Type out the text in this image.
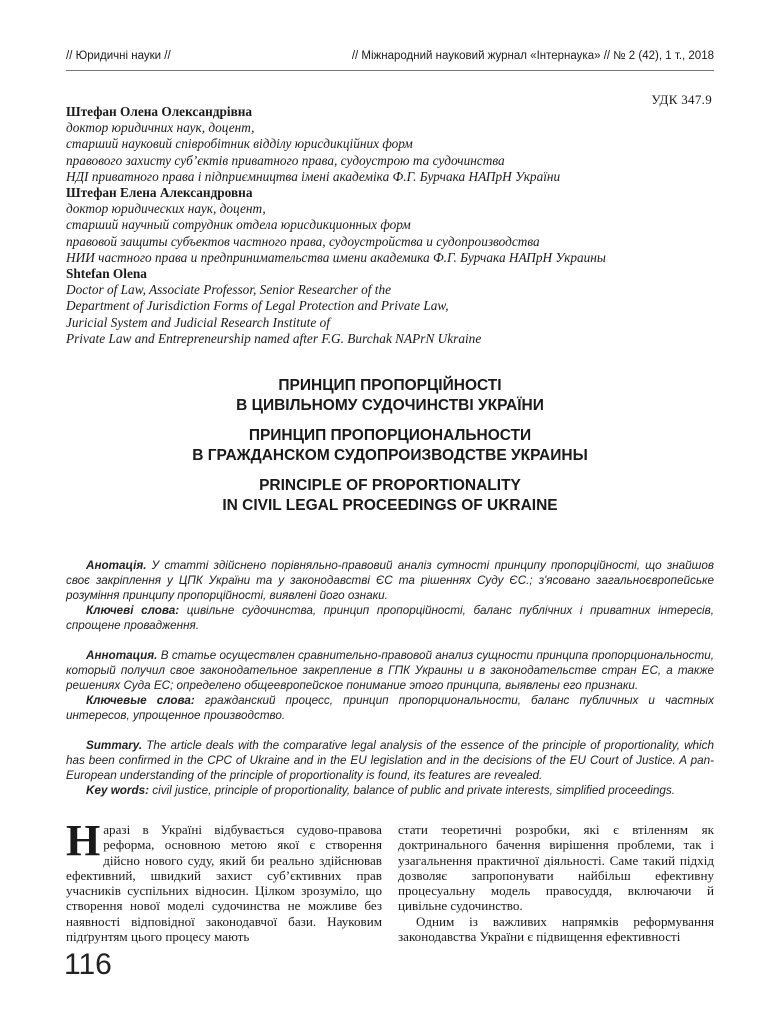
// Юридичні науки //	// Міжнародний науковий журнал «Інтернаука» // № 2 (42), 1 т., 2018
УДК 347.9
Штефан Олена Олександрівна
доктор юридичних наук, доцент,
старший науковий співробітник відділу юрисдикційних форм
правового захисту суб’єктів приватного права, судоустрою та судочинства
НДІ приватного права і підприємництва імені академіка Ф.Г. Бурчака НАПрН України
Штефан Елена Александровна
доктор юридических наук, доцент,
старший научный сотрудник отдела юрисдикционных форм
правовой защиты субъектов частного права, судоустройства и судопроизводства
НИИ частного права и предпринимательства имени академика Ф.Г. Бурчака НАПрН Украины
Shtefan Olena
Doctor of Law, Associate Professor, Senior Researcher of the
Department of Jurisdiction Forms of Legal Protection and Private Law,
Juricial System and Judicial Research Institute of
Private Law and Entrepreneurship named after F.G. Burchak NAPrN Ukraine
ПРИНЦИП ПРОПОРЦІЙНОСТІ
В ЦИВІЛЬНОМУ СУДОЧИНСТВІ УКРАЇНИ
ПРИНЦИП ПРОПОРЦИОНАЛЬНОСТИ
В ГРАЖДАНСКОМ СУДОПРОИЗВОДСТВЕ УКРАИНЫ
PRINCIPLE OF PROPORTIONALITY
IN CIVIL LEGAL PROCEEDINGS OF UKRAINE

Анотація. У статті здійснено порівняльно-правовий аналіз сутності принципу пропорційності, що знайшов своє закріплення у ЦПК України та у законодавстві ЄС та рішеннях Суду ЄС.; з'ясовано загальноєвропейське розуміння принципу пропорційності, виявлені його ознаки.

Ключеві слова: цивільне судочинства, принцип пропорційності, баланс публічних і приватних інтересів, спрощене провадження.

Аннотация. В статье осуществлен сравнительно-правовой анализ сущности принципа пропорциональности, который получил свое законодательное закрепление в ГПК Украины и в законодательстве стран ЕС, а также решениях Суда ЕС; определено общеевропейское понимание этого принципа, выявлены его признаки.

Ключевые слова: гражданский процесс, принцип пропорциональности, баланс публичных и частных интересов, упрощенное производство.

Summary. The article deals with the comparative legal analysis of the essence of the principle of proportionality, which has been confirmed in the CPC of Ukraine and in the EU legislation and in the decisions of the EU Court of Justice. A pan-European understanding of the principle of proportionality is found, its features are revealed.

Key words: civil justice, principle of proportionality, balance of public and private interests, simplified proceedings.

Наразі в Україні відбувається судово-правова реформа, основною метою якої є створення дійсно нового суду, який би реально здійснював ефективний, швидкий захист суб’єктивних прав учасників суспільних відносин. Цілком зрозуміло, що створення нової моделі судочинства не можливе без наявності відповідної законодавчої бази. Науковим підґрунтям цього процесу мають

стати теоретичні розробки, які є втіленням як доктринального бачення вирішення проблеми, так і узагальнення практичної діяльності. Саме такий підхід дозволяє запропонувати найбільш ефективну процесуальну модель правосуддя, включаючи й цивільне судочинство.

Одним із важливих напрямків реформування законодавства України є підвищення ефективності

116
